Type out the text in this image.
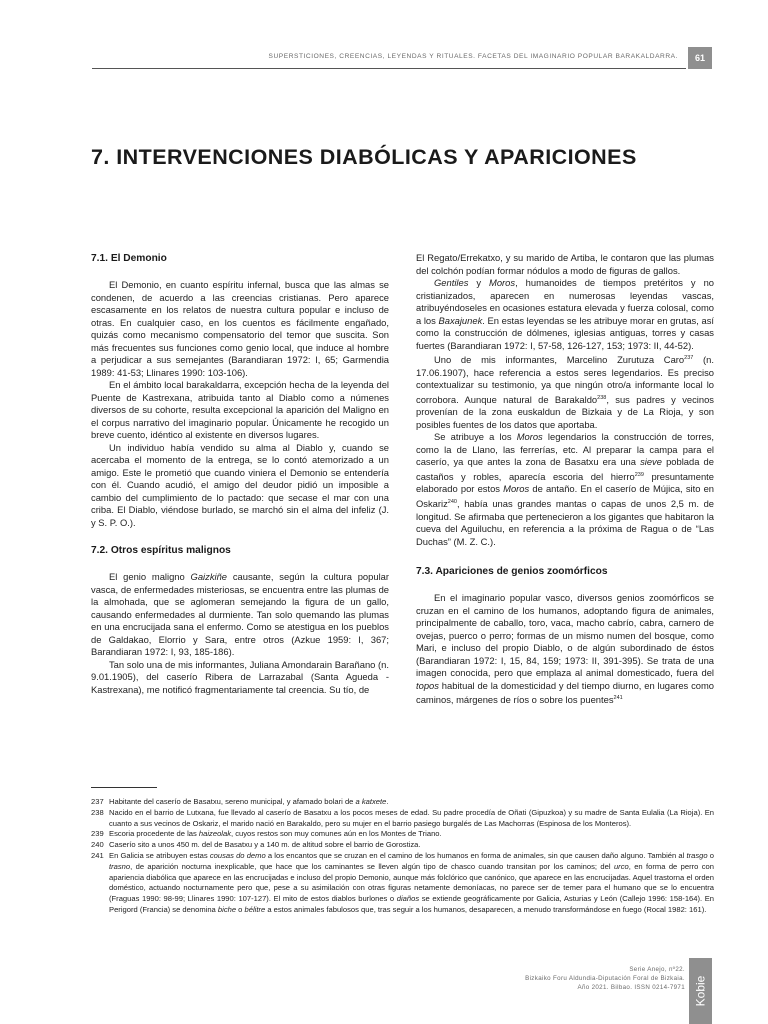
SUPERSTICIONES, CREENCIAS, LEYENDAS Y RITUALES. FACETAS DEL IMAGINARIO POPULAR BARAKALDARRA.	61
7. INTERVENCIONES DIABÓLICAS Y APARICIONES
7.1. El Demonio

El Demonio, en cuanto espíritu infernal, busca que las almas se condenen, de acuerdo a las creencias cristianas. Pero aparece escasamente en los relatos de nuestra cultura popular e incluso de otras. En cualquier caso, en los cuentos es fácilmente engañado, quizás como mecanismo compensatorio del temor que suscita. Son más frecuentes sus funciones como genio local, que induce al hombre a perjudicar a sus semejantes (Barandiaran 1972: I, 65; Garmendia 1989: 41-53; Llinares 1990: 103-106).

En el ámbito local barakaldarra, excepción hecha de la leyenda del Puente de Kastrexana, atribuida tanto al Diablo como a númenes diversos de su cohorte, resulta excepcional la aparición del Maligno en el corpus narrativo del imaginario popular. Únicamente he recogido un breve cuento, idéntico al existente en diversos lugares.

Un individuo había vendido su alma al Diablo y, cuando se acercaba el momento de la entrega, se lo contó atemorizado a un amigo. Este le prometió que cuando viniera el Demonio se entendería con él. Cuando acudió, el amigo del deudor pidió un imposible a cambio del cumplimiento de lo pactado: que secase el mar con una criba. El Diablo, viéndose burlado, se marchó sin el alma del infeliz (J. y S. P. O.).

7.2. Otros espíritus malignos

El genio maligno Gaizkiñe causante, según la cultura popular vasca, de enfermedades misteriosas, se encuentra entre las plumas de la almohada, que se aglomeran semejando la figura de un gallo, causando enfermedades al durmiente. Tan solo quemando las plumas en una encrucijada sana el enfermo. Como se atestigua en los pueblos de Galdakao, Elorrio y Sara, entre otros (Azkue 1959: I, 367; Barandiaran 1972: I, 93, 185-186).

Tan solo una de mis informantes, Juliana Amondarain Barañano (n. 9.01.1905), del caserío Ribera de Larrazabal (Santa Agueda - Kastrexana), me notificó fragmentariamente tal creencia. Su tío, de

El Regato/Errekatxo, y su marido de Artiba, le contaron que las plumas del colchón podían formar nódulos a modo de figuras de gallos.

Gentiles y Moros, humanoides de tiempos pretéritos y no cristianizados, aparecen en numerosas leyendas vascas, atribuyéndoseles en ocasiones estatura elevada y fuerza colosal, como a los Baxajunek. En estas leyendas se les atribuye morar en grutas, así como la construcción de dólmenes, iglesias antiguas, torres y casas fuertes (Barandiaran 1972: I, 57-58, 126-127, 153; 1973: II, 44-52).

Uno de mis informantes, Marcelino Zurutuza Caro$^{237}$ (n. 17.06.1907), hace referencia a estos seres legendarios. Es preciso contextualizar su testimonio, ya que ningún otro/a informante local lo corrobora. Aunque natural de Barakaldo$^{238}$, sus padres y vecinos provenían de la zona euskaldun de Bizkaia y de La Rioja, y son posibles fuentes de los datos que aportaba.

Se atribuye a los Moros legendarios la construcción de torres, como la de Llano, las ferrerías, etc. Al preparar la campa para el caserío, ya que antes la zona de Basatxu era una sieve poblada de castaños y robles, aparecía escoria del hierro$^{239}$ presuntamente elaborado por estos Moros de antaño. En el caserío de Mújica, sito en Oskariz$^{240}$, había unas grandes mantas o capas de unos 2,5 m. de longitud. Se afirmaba que pertenecieron a los gigantes que habitaron la cueva del Aguiluchu, en referencia a la próxima de Ragua o de “Las Duchas” (M. Z. C.).

7.3. Apariciones de genios zoomórficos

En el imaginario popular vasco, diversos genios zoomórficos se cruzan en el camino de los humanos, adoptando figura de animales, principalmente de caballo, toro, vaca, macho cabrío, cabra, carnero de ovejas, puerco o perro; formas de un mismo numen del bosque, como Mari, e incluso del propio Diablo, o de algún subordinado de éstos (Barandiaran 1972: I, 15, 84, 159; 1973: II, 391-395). Se trata de una imagen conocida, pero que emplaza al animal domesticado, fuera del topos habitual de la domesticidad y del tiempo diurno, en lugares como caminos, márgenes de ríos o sobre los puentes$^{241}$

237 Habitante del caserío de Basatxu, sereno municipal, y afamado bolari de a katxete.
238 Nacido en el barrio de Lutxana, fue llevado al caserío de Basatxu a los pocos meses de edad. Su padre procedía de Oñati (Gipuzkoa) y su madre de Santa Eulalia (La Rioja). En cuanto a sus vecinos de Oskariz, el marido nació en Barakaldo, pero su mujer en el barrio pasiego burgalés de Las Machorras (Espinosa de los Monteros).
239 Escoria procedente de las haizeolak, cuyos restos son muy comunes aún en los Montes de Triano.
240 Caserío sito a unos 450 m. del de Basatxu y a 140 m. de altitud sobre el barrio de Gorostiza.
241 En Galicia se atribuyen estas cousas do demo a los encantos que se cruzan en el camino de los humanos en forma de animales, sin que causen daño alguno. También al trasgo o trasno, de aparición nocturna inexplicable, que hace que los caminantes se lleven algún tipo de chasco cuando transitan por los caminos; del urco, en forma de perro con apariencia diabólica que aparece en las encrucijadas e incluso del propio Demonio, aunque más folclórico que canónico, que aparece en las encrucijadas. Aquel trastorna el orden doméstico, actuando nocturnamente pero que, pese a su asimilación con otras figuras netamente demoníacas, no parece ser de temer para el humano que se lo encuentra (Fraguas 1990: 98-99; Llinares 1990: 107-127). El mito de estos diablos burlones o diaños se extiende geográficamente por Galicia, Asturias y León (Callejo 1996: 158-164). En Perigord (Francia) se denomina biche o bélitre a estos animales fabulosos que, tras seguir a los humanos, desaparecen, a menudo transformándose en fuego (Rocal 1982: 161).
Serie Anejo, nº22.
Bizkaiko Foru Aldundia-Diputación Foral de Bizkaia.
Año 2021. Bilbao. ISSN 0214-7971 Kobie
